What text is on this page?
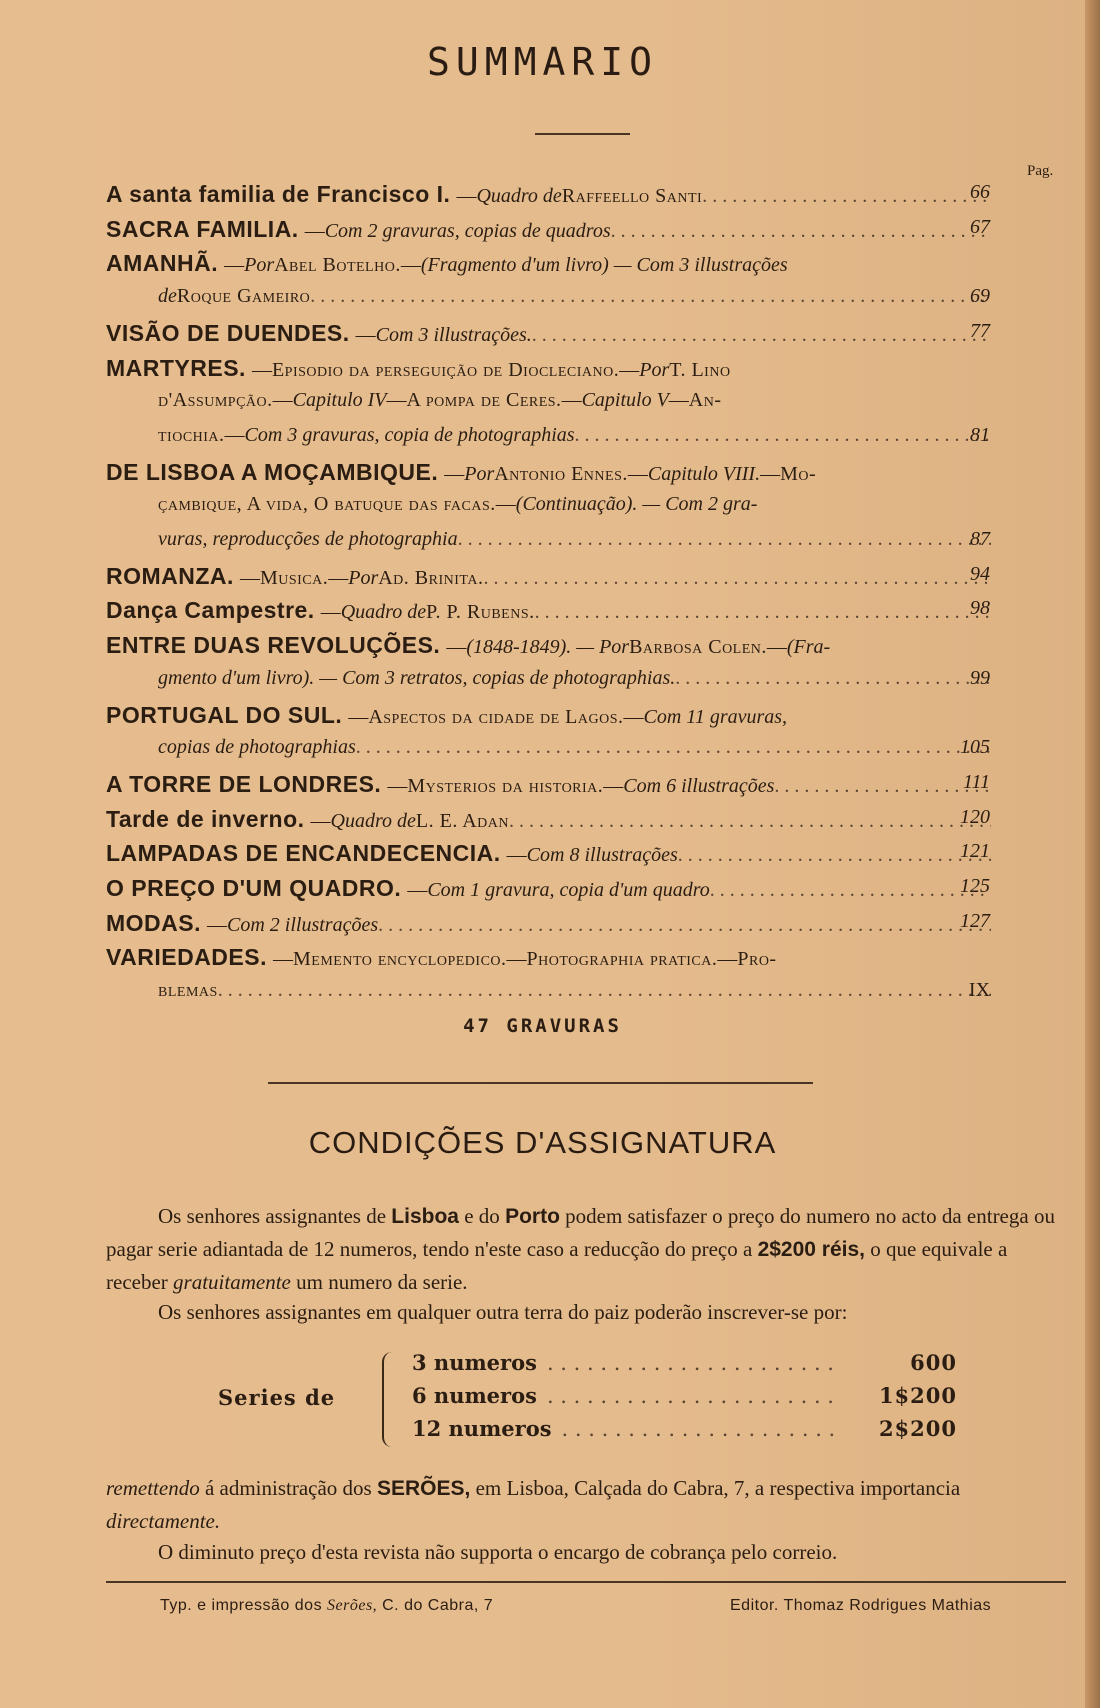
SUMMARIO
Pag.
A santa familia de Francisco I. — Quadro de Raffeello Santi . . .	66
SACRA FAMILIA. — Com 2 gravuras, copias de quadros . . .	67
AMANHÃ. — Por Abel Botelho. — (Fragmento d'um livro) — Com 3 illustrações
de Roque Gameiro . . .	69
VISÃO DE DUENDES. — Com 3 illustrações. . . .	77
MARTYRES. — Episodio da perseguição de Diocleciano. — Por T. Lino
d'Assumpção. — Capitulo IV — A pompa de Ceres. — Capitulo V — An-
tiochia. — Com 3 gravuras, copia de photographias . . .	81
DE LISBOA A MOÇAMBIQUE. — Por Antonio Ennes. — Capitulo VIII. — Mo-
çambique, A vida, O batuque das facas. — (Continuação). — Com 2 gra-
vuras, reproducções de photographia . . .	87
ROMANZA. — Musica. — Por Ad. Brinita. . . .	94
Dança Campestre. — Quadro de P. P. Rubens. . . .	98
ENTRE DUAS REVOLUÇÕES. — (1848-1849). — Por Barbosa Colen. — (Fra-
gmento d'um livro). — Com 3 retratos, copias de photographias. . . .	99
PORTUGAL DO SUL. — Aspectos da cidade de Lagos. — Com 11 gravuras,
copias de photographias . . .	105
A TORRE DE LONDRES. — Mysterios da historia. — Com 6 illustrações . . .	111
Tarde de inverno. — Quadro de L. E. Adan . . .	120
LAMPADAS DE ENCANDECENCIA. — Com 8 illustrações . . .	121
O PREÇO D'UM QUADRO. — Com 1 gravura, copia d'um quadro . . .	125
MODAS. — Com 2 illustrações . . .	127
VARIEDADES. — Memento encyclopedico. — Photographia pratica. — Pro-
blemas . . .	IX
47 GRAVURAS
CONDIÇÕES D'ASSIGNATURA
Os senhores assignantes de Lisboa e do Porto podem satisfazer o preço do numero no acto da entrega ou pagar serie adiantada de 12 numeros, tendo n'este caso a reducção do preço a 2$200 réis, o que equivale a receber gratuitamente um numero da serie.
Os senhores assignantes em qualquer outra terra do paiz poderão inscrever-se por:
Series de
3 numeros . . .	600
6 numeros . . .	1$200
12 numeros . . .	2$200
remettendo á administração dos SERÕES, em Lisboa, Calçada do Cabra, 7, a respectiva importancia directamente.
O diminuto preço d'esta revista não supporta o encargo de cobrança pelo correio.
Typ. e impressão dos Serões, C. do Cabra, 7	Editor. Thomaz Rodrigues Mathias
